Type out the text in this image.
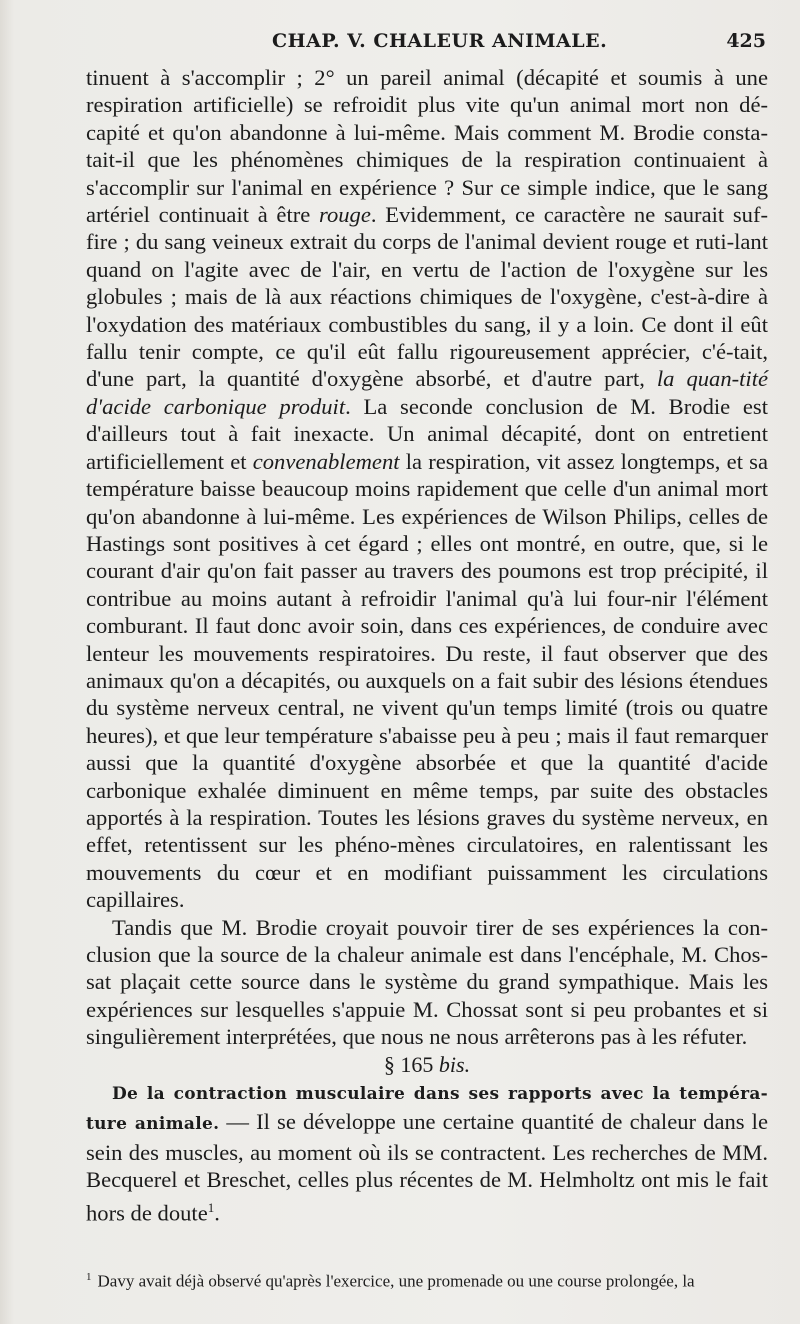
CHAP. V. CHALEUR ANIMALE.	425

tinuent à s'accomplir ; 2° un pareil animal (décapité et soumis à une respiration artificielle) se refroidit plus vite qu'un animal mort non dé-capité et qu'on abandonne à lui-même. Mais comment M. Brodie consta-tait-il que les phénomènes chimiques de la respiration continuaient à s'accomplir sur l'animal en expérience ? Sur ce simple indice, que le sang artériel continuait à être rouge. Evidemment, ce caractère ne saurait suf-fire ; du sang veineux extrait du corps de l'animal devient rouge et ruti-lant quand on l'agite avec de l'air, en vertu de l'action de l'oxygène sur les globules ; mais de là aux réactions chimiques de l'oxygène, c'est-à-dire à l'oxydation des matériaux combustibles du sang, il y a loin. Ce dont il eût fallu tenir compte, ce qu'il eût fallu rigoureusement apprécier, c'é-tait, d'une part, la quantité d'oxygène absorbé, et d'autre part, la quan-tité d'acide carbonique produit. La seconde conclusion de M. Brodie est d'ailleurs tout à fait inexacte. Un animal décapité, dont on entretient artificiellement et convenablement la respiration, vit assez longtemps, et sa température baisse beaucoup moins rapidement que celle d'un animal mort qu'on abandonne à lui-même. Les expériences de Wilson Philips, celles de Hastings sont positives à cet égard ; elles ont montré, en outre, que, si le courant d'air qu'on fait passer au travers des poumons est trop précipité, il contribue au moins autant à refroidir l'animal qu'à lui four-nir l'élément comburant. Il faut donc avoir soin, dans ces expériences, de conduire avec lenteur les mouvements respiratoires. Du reste, il faut observer que des animaux qu'on a décapités, ou auxquels on a fait subir des lésions étendues du système nerveux central, ne vivent qu'un temps limité (trois ou quatre heures), et que leur température s'abaisse peu à peu ; mais il faut remarquer aussi que la quantité d'oxygène absorbée et que la quantité d'acide carbonique exhalée diminuent en même temps, par suite des obstacles apportés à la respiration. Toutes les lésions graves du système nerveux, en effet, retentissent sur les phéno-mènes circulatoires, en ralentissant les mouvements du cœur et en modifiant puissamment les circulations capillaires.

Tandis que M. Brodie croyait pouvoir tirer de ses expériences la con-clusion que la source de la chaleur animale est dans l'encéphale, M. Chos-sat plaçait cette source dans le système du grand sympathique. Mais les expériences sur lesquelles s'appuie M. Chossat sont si peu probantes et si singulièrement interprétées, que nous ne nous arrêterons pas à les réfuter.

§ 165 bis.

De la contraction musculaire dans ses rapports avec la tempéra-ture animale. — Il se développe une certaine quantité de chaleur dans le sein des muscles, au moment où ils se contractent. Les recherches de MM. Becquerel et Breschet, celles plus récentes de M. Helmholtz ont mis le fait hors de doute$^1$.

$^1$ Davy avait déjà observé qu'après l'exercice, une promenade ou une course prolongée, la
